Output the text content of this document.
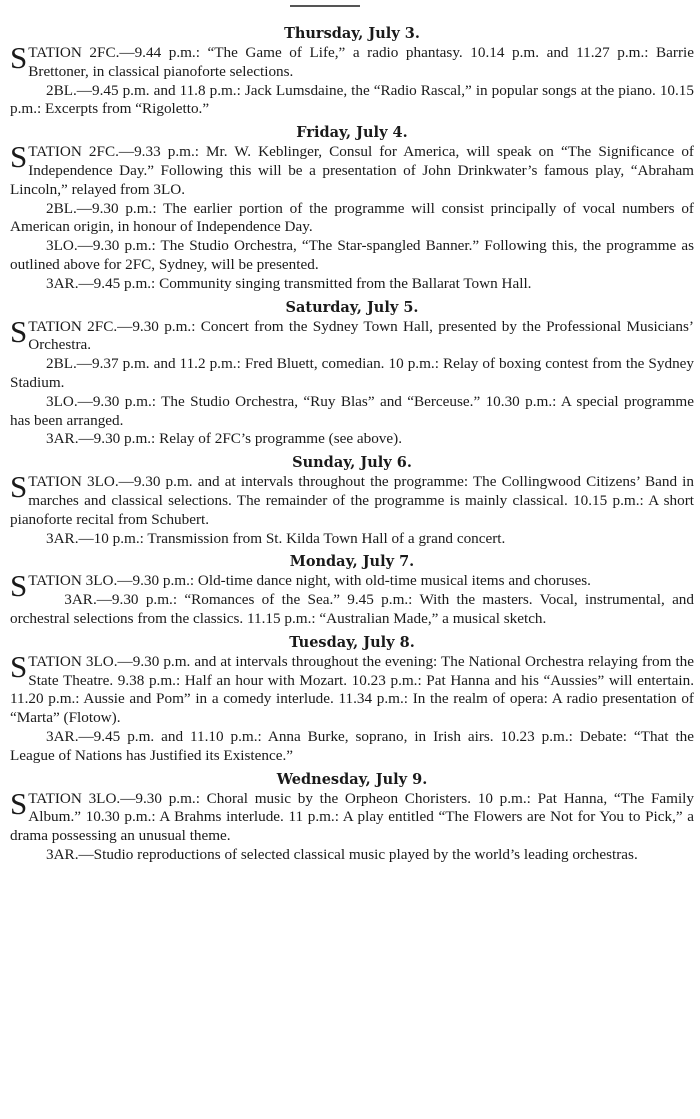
Thursday, July 3.

STATION 2FC.—9.44 p.m.: “The Game of Life,” a radio phantasy. 10.14 p.m. and 11.27 p.m.: Barrie Brettoner, in classical pianoforte selections.

2BL.—9.45 p.m. and 11.8 p.m.: Jack Lumsdaine, the “Radio Rascal,” in popular songs at the piano. 10.15 p.m.: Excerpts from “Rigoletto.”

Friday, July 4.

STATION 2FC.—9.33 p.m.: Mr. W. Keblinger, Consul for America, will speak on “The Significance of Independence Day.” Following this will be a presentation of John Drinkwater’s famous play, “Abraham Lincoln,” relayed from 3LO.

2BL.—9.30 p.m.: The earlier portion of the programme will consist principally of vocal numbers of American origin, in honour of Independence Day.

3LO.—9.30 p.m.: The Studio Orchestra, “The Star-spangled Banner.” Following this, the programme as outlined above for 2FC, Sydney, will be presented.

3AR.—9.45 p.m.: Community singing transmitted from the Ballarat Town Hall.

Saturday, July 5.

STATION 2FC.—9.30 p.m.: Concert from the Sydney Town Hall, presented by the Professional Musicians’ Orchestra.

2BL.—9.37 p.m. and 11.2 p.m.: Fred Bluett, comedian. 10 p.m.: Relay of boxing contest from the Sydney Stadium.

3LO.—9.30 p.m.: The Studio Orchestra, “Ruy Blas” and “Berceuse.” 10.30 p.m.: A special programme has been arranged.

3AR.—9.30 p.m.: Relay of 2FC’s programme (see above).

Sunday, July 6.

STATION 3LO.—9.30 p.m. and at intervals throughout the programme: The Collingwood Citizens’ Band in marches and classical selections. The remainder of the programme is mainly classical. 10.15 p.m.: A short pianoforte recital from Schubert.

3AR.—10 p.m.: Transmission from St. Kilda Town Hall of a grand concert.

Monday, July 7.

STATION 3LO.—9.30 p.m.: Old-time dance night, with old-time musical items and choruses.

3AR.—9.30 p.m.: “Romances of the Sea.” 9.45 p.m.: With the masters. Vocal, instrumental, and orchestral selections from the classics. 11.15 p.m.: “Australian Made,” a musical sketch.

Tuesday, July 8.

STATION 3LO.—9.30 p.m. and at intervals throughout the evening: The National Orchestra relaying from the State Theatre. 9.38 p.m.: Half an hour with Mozart. 10.23 p.m.: Pat Hanna and his “Aussies” will entertain. 11.20 p.m.: Aussie and Pom” in a comedy interlude. 11.34 p.m.: In the realm of opera: A radio presentation of “Marta” (Flotow).

3AR.—9.45 p.m. and 11.10 p.m.: Anna Burke, soprano, in Irish airs. 10.23 p.m.: Debate: “That the League of Nations has Justified its Existence.”

Wednesday, July 9.

STATION 3LO.—9.30 p.m.: Choral music by the Orpheon Choristers. 10 p.m.: Pat Hanna, “The Family Album.” 10.30 p.m.: A Brahms interlude. 11 p.m.: A play entitled “The Flowers are Not for You to Pick,” a drama possessing an unusual theme.

3AR.—Studio reproductions of selected classical music played by the world’s leading orchestras.
